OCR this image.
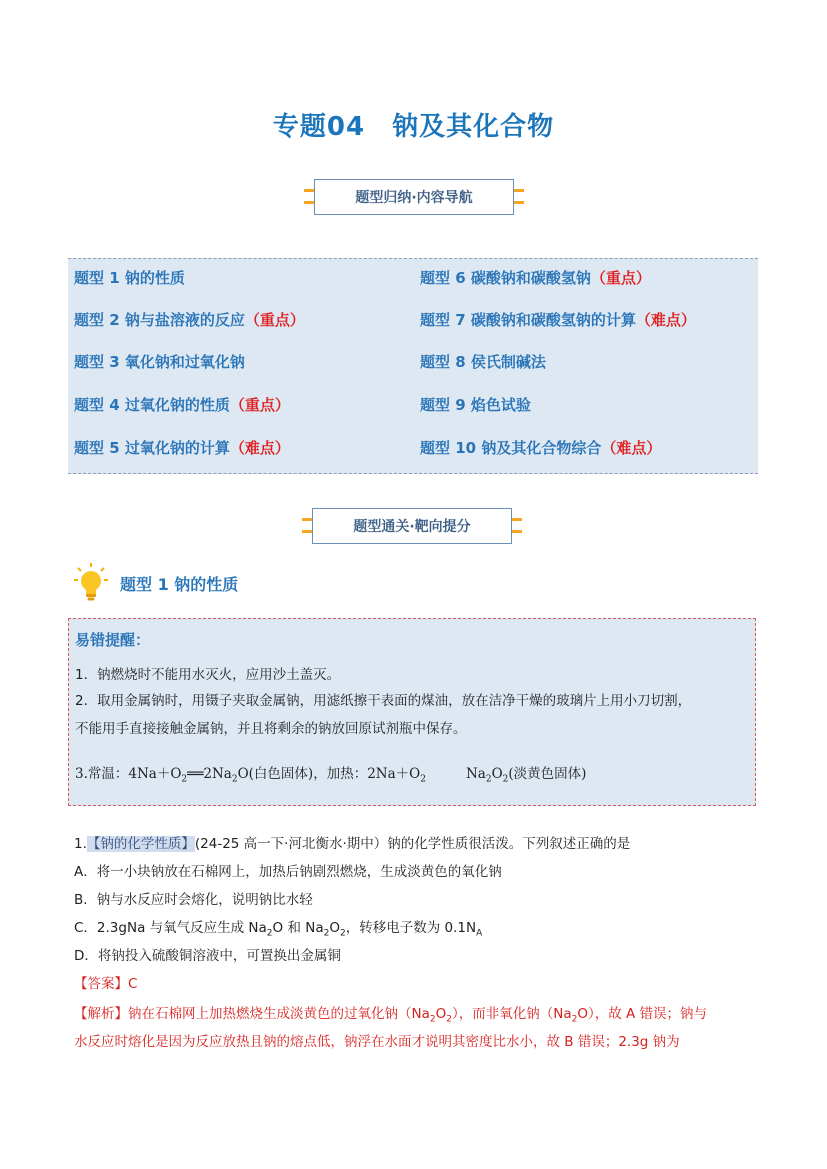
专题04　钠及其化合物
题型归纳·内容导航
题型 1 钠的性质
题型 2 钠与盐溶液的反应（重点）
题型 3 氧化钠和过氧化钠
题型 4 过氧化钠的性质（重点）
题型 5 过氧化钠的计算（难点）
题型 6 碳酸钠和碳酸氢钠（重点）
题型 7 碳酸钠和碳酸氢钠的计算（难点）
题型 8 侯氏制碱法
题型 9 焰色试验
题型 10 钠及其化合物综合（难点）
题型通关·靶向提分
题型 1 钠的性质
易错提醒：
1．钠燃烧时不能用水灭火，应用沙土盖灭。
2．取用金属钠时，用镊子夹取金属钠，用滤纸擦干表面的煤油，放在洁净干燥的玻璃片上用小刀切割，
不能用手直接接触金属钠，并且将剩余的钠放回原试剂瓶中保存。
3.常温：$4Na+O_2══2Na_2O$(白色固体)，加热：$2Na+O_2$	$Na_2O_2$(淡黄色固体)
1.【钠的化学性质】(24-25 高一下·河北衡水·期中）钠的化学性质很活泼。下列叙述正确的是
A．将一小块钠放在石棉网上，加热后钠剧烈燃烧，生成淡黄色的氧化钠
B．钠与水反应时会熔化，说明钠比水轻
C．2.3gNa 与氧气反应生成 $Na_2O$ 和 $Na_2O_2$，转移电子数为 $0.1N_A$
D．将钠投入硫酸铜溶液中，可置换出金属铜
【答案】C
【解析】钠在石棉网上加热燃烧生成淡黄色的过氧化钠$(Na_2O_2)$，而非氧化钠$(Na_2O)$，故 A 错误；钠与
水反应时熔化是因为反应放热且钠的熔点低，钠浮在水面才说明其密度比水小，故 B 错误；2.3g 钠为
